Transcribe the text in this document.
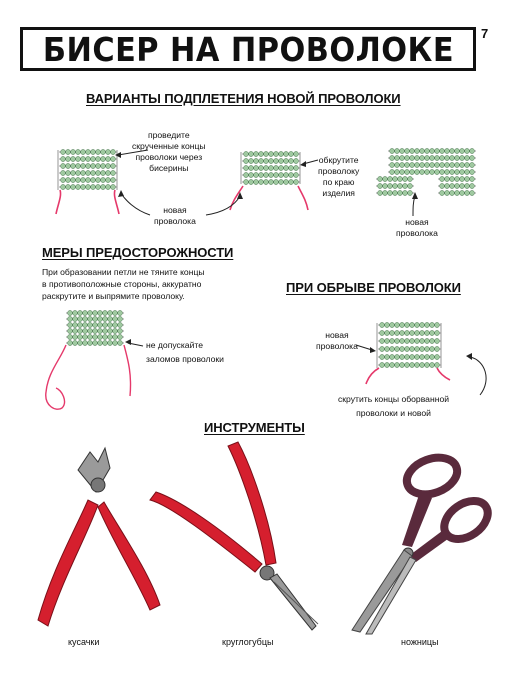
БИСЕР НА ПРОВОЛОКЕ 7
ВАРИАНТЫ ПОДПЛЕТЕНИЯ НОВОЙ ПРОВОЛОКИ
проведите
скрученные концы
проволоки через
бисерины
новая
проволока
обкрутите
проволоку
по краю
изделия
новая
проволока
МЕРЫ ПРЕДОСТОРОЖНОСТИ
При образовании петли не тяните концы
в противоположные стороны, аккуратно
раскрутите и выпрямите проволоку.
не допускайте
заломов проволоки
ПРИ ОБРЫВЕ ПРОВОЛОКИ
новая
проволока
скрутить концы оборванной
проволоки и новой
ИНСТРУМЕНТЫ
кусачки	круглогубцы	ножницы
